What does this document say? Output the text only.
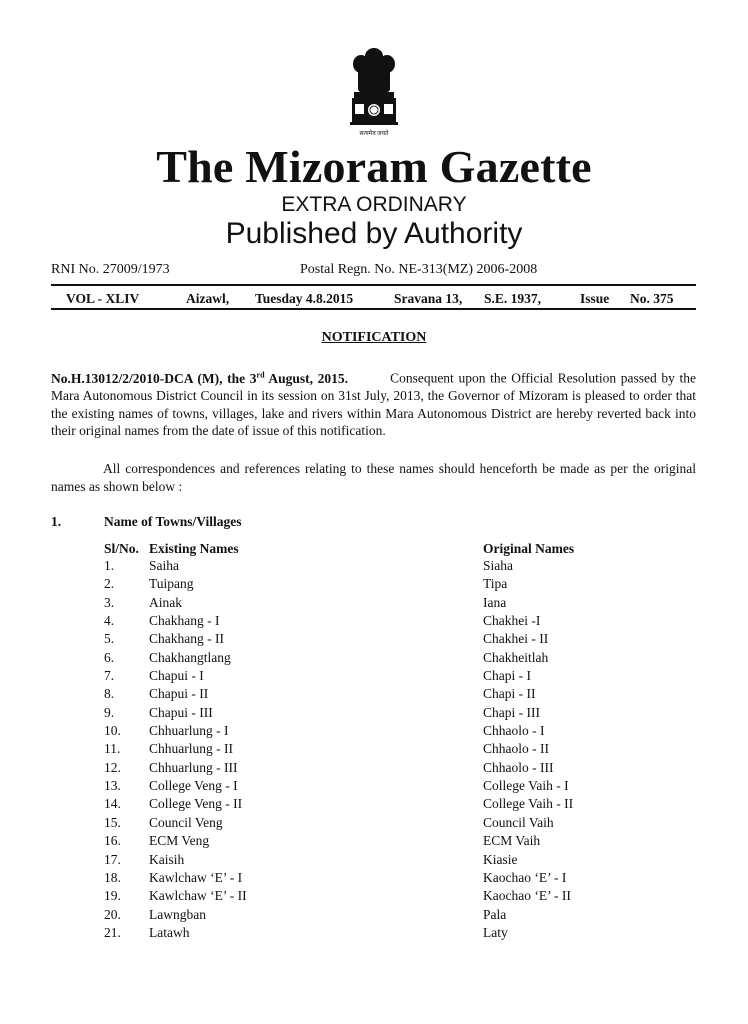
सत्यमेव जयते
The Mizoram Gazette
EXTRA ORDINARY
Published by Authority
RNI No. 27009/1973	Postal Regn. No. NE-313(MZ) 2006-2008
VOL - XLIV	Aizawl, Tuesday 4.8.2015	Sravana 13, S.E. 1937,	Issue No. 375
NOTIFICATION
No.H.13012/2/2010-DCA (M), the 3rd August, 2015.	Consequent upon the Official Resolution passed by the Mara Autonomous District Council in its session on 31st July, 2013, the Governor of Mizoram is pleased to order that the existing names of towns, villages, lake and rivers within Mara Autonomous District are hereby reverted back into their original names from the date of issue of this notification.
All correspondences and references relating to these names should henceforth be made as per the original names as shown below :
1.	Name of Towns/Villages
Sl/No. Existing Names	Original Names
1.	Saiha	Siaha
2.	Tuipang	Tipa
3.	Ainak	Iana
4.	Chakhang - I	Chakhei -I
5.	Chakhang - II	Chakhei - II
6.	Chakhangtlang	Chakheitlah
7.	Chapui - I	Chapi - I
8.	Chapui - II	Chapi - II
9.	Chapui - III	Chapi - III
10. Chhuarlung - I	Chhaolo - I
11. Chhuarlung - II	Chhaolo - II
12. Chhuarlung - III	Chhaolo - III
13. College Veng - I	College Vaih - I
14. College Veng - II	College Vaih - II
15. Council Veng	Council Vaih
16. ECM Veng	ECM Vaih
17. Kaisih	Kiasie
18. Kawlchaw ‘E’ - I	Kaochao ‘E’ - I
19. Kawlchaw ‘E’ - II	Kaochao ‘E’ - II
20. Lawngban	Pala
21. Latawh	Laty
